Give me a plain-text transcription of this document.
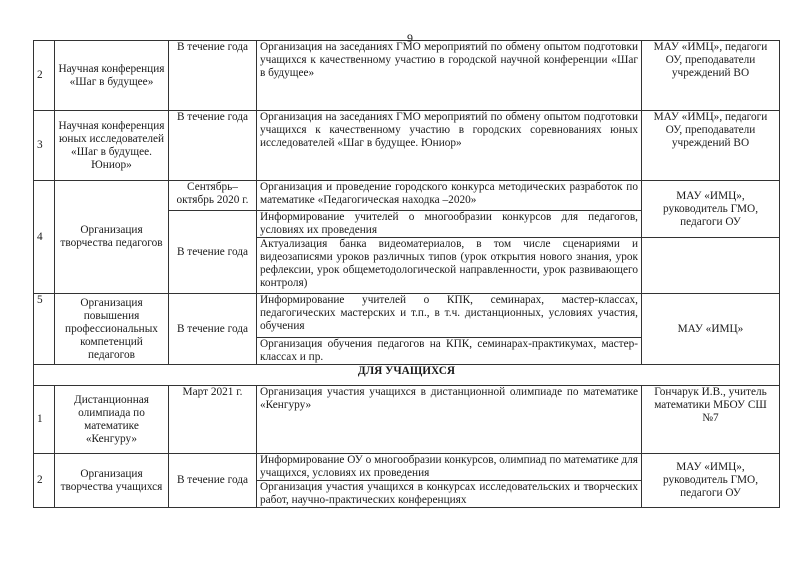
9
2	Научная конференция «Шаг в будущее»	В течение года	Организация на заседаниях ГМО мероприятий по обмену опытом подготовки учащихся к качественному участию в городской научной конференции «Шаг в будущее»	МАУ «ИМЦ», педагоги ОУ, преподаватели учреждений ВО
3	Научная конференция юных исследователей «Шаг в будущее. Юниор»	В течение года	Организация на заседаниях ГМО мероприятий по обмену опытом подготовки учащихся к качественному участию в городских соревнованиях юных исследователей «Шаг в будущее. Юниор»	МАУ «ИМЦ», педагоги ОУ, преподаватели учреждений ВО
4	Организация творчества педагогов	Сентябрь–октябрь 2020 г.	Организация и проведение городского конкурса методических разработок по математике «Педагогическая находка –2020»	МАУ «ИМЦ», руководитель ГМО, педагоги ОУ
		В течение года	Информирование учителей о многообразии конкурсов для педагогов, условиях их проведения	
			Актуализация банка видеоматериалов, в том числе сценариями и видеозаписями уроков различных типов (урок открытия нового знания, урок рефлексии, урок общеметодологической направленности, урок развивающего контроля)	
5	Организация повышения профессиональных компетенций педагогов	В течение года	Информирование учителей о КПК, семинарах, мастер-классах, педагогических мастерских и т.п., в т.ч. дистанционных, условиях участия, обучения	МАУ «ИМЦ»
			Организация обучения педагогов на КПК, семинарах-практикумах, мастер-классах и пр.	
ДЛЯ УЧАЩИХСЯ				
1	Дистанционная олимпиада по математике «Кенгуру»	Март 2021 г.	Организация участия учащихся в дистанционной олимпиаде по математике «Кенгуру»	Гончарук И.В., учитель математики МБОУ СШ №7
2	Организация творчества учащихся	В течение года	Информирование ОУ о многообразии конкурсов, олимпиад по математике для учащихся, условиях их проведения	МАУ «ИМЦ», руководитель ГМО, педагоги ОУ
			Организация участия учащихся в конкурсах исследовательских и творческих работ, научно-практических конференциях	
